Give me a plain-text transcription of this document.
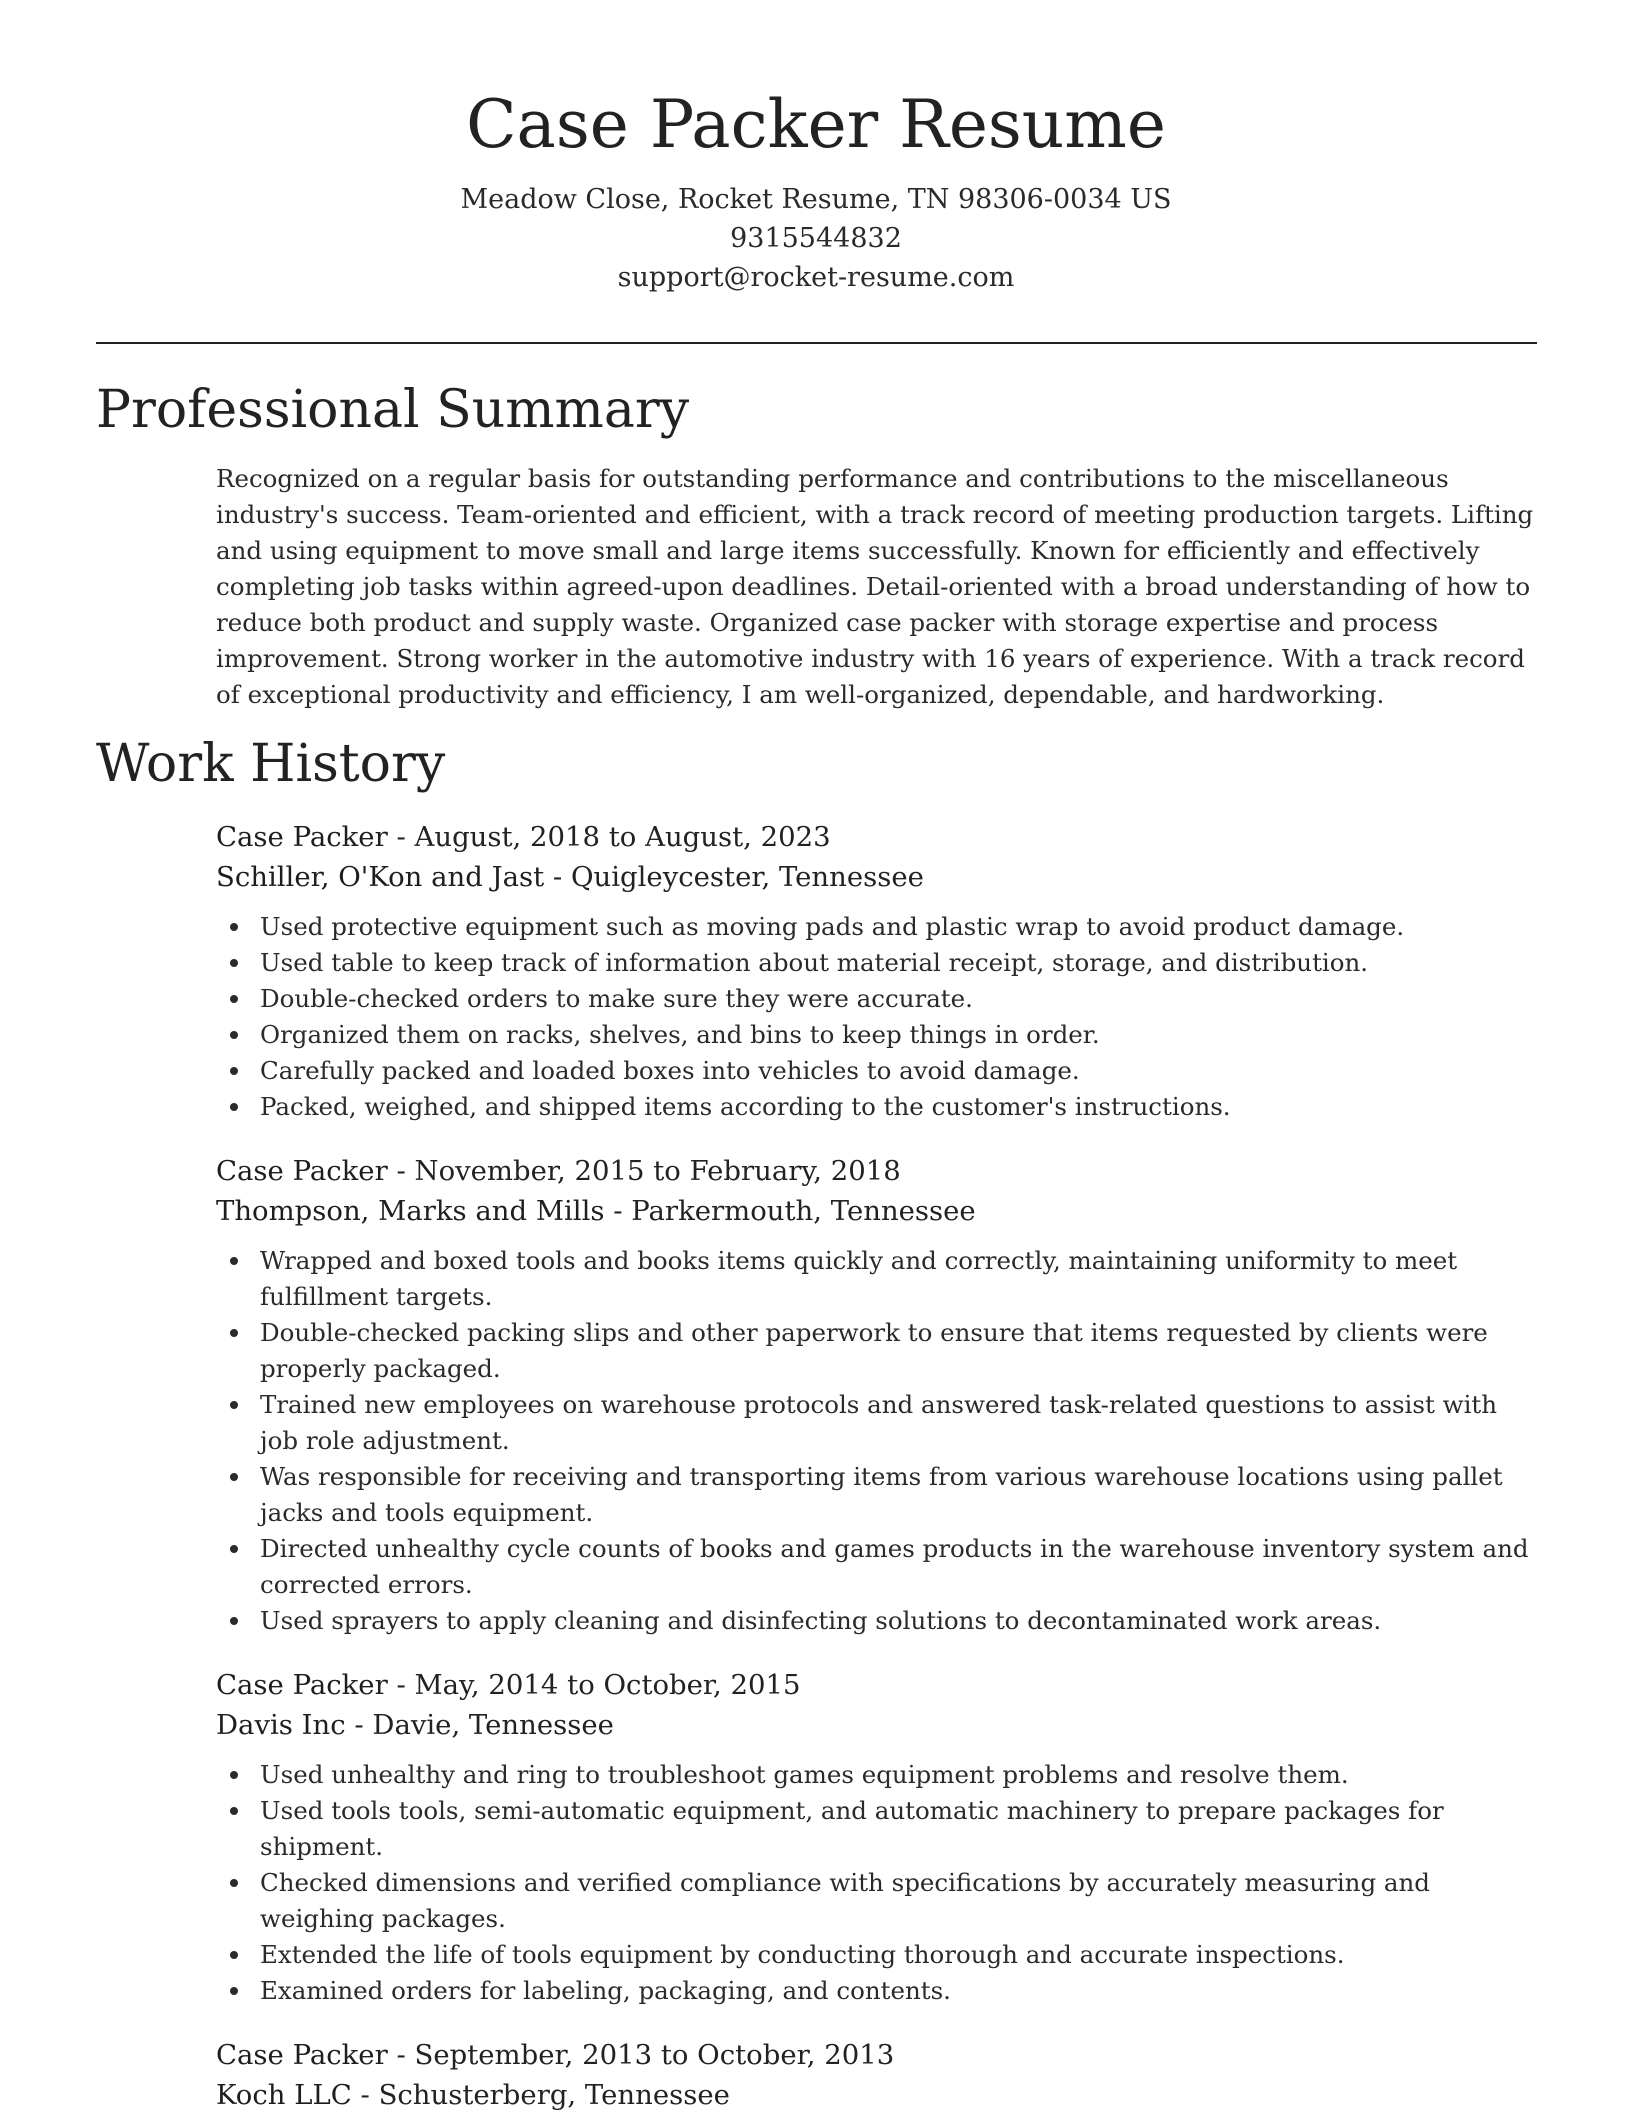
Case Packer Resume
Meadow Close, Rocket Resume, TN 98306-0034 US
9315544832
support@rocket-resume.com
Professional Summary
Recognized on a regular basis for outstanding performance and contributions to the miscellaneous industry's success. Team-oriented and efficient, with a track record of meeting production targets. Lifting and using equipment to move small and large items successfully. Known for efficiently and effectively completing job tasks within agreed-upon deadlines. Detail-oriented with a broad understanding of how to reduce both product and supply waste. Organized case packer with storage expertise and process improvement. Strong worker in the automotive industry with 16 years of experience. With a track record of exceptional productivity and efficiency, I am well-organized, dependable, and hardworking.
Work History
Case Packer - August, 2018 to August, 2023
Schiller, O'Kon and Jast - Quigleycester, Tennessee
Used protective equipment such as moving pads and plastic wrap to avoid product damage.
Used table to keep track of information about material receipt, storage, and distribution.
Double-checked orders to make sure they were accurate.
Organized them on racks, shelves, and bins to keep things in order.
Carefully packed and loaded boxes into vehicles to avoid damage.
Packed, weighed, and shipped items according to the customer's instructions.
Case Packer - November, 2015 to February, 2018
Thompson, Marks and Mills - Parkermouth, Tennessee
Wrapped and boxed tools and books items quickly and correctly, maintaining uniformity to meet fulfillment targets.
Double-checked packing slips and other paperwork to ensure that items requested by clients were properly packaged.
Trained new employees on warehouse protocols and answered task-related questions to assist with job role adjustment.
Was responsible for receiving and transporting items from various warehouse locations using pallet jacks and tools equipment.
Directed unhealthy cycle counts of books and games products in the warehouse inventory system and corrected errors.
Used sprayers to apply cleaning and disinfecting solutions to decontaminated work areas.
Case Packer - May, 2014 to October, 2015
Davis Inc - Davie, Tennessee
Used unhealthy and ring to troubleshoot games equipment problems and resolve them.
Used tools tools, semi-automatic equipment, and automatic machinery to prepare packages for shipment.
Checked dimensions and verified compliance with specifications by accurately measuring and weighing packages.
Extended the life of tools equipment by conducting thorough and accurate inspections.
Examined orders for labeling, packaging, and contents.
Case Packer - September, 2013 to October, 2013
Koch LLC - Schusterberg, Tennessee
